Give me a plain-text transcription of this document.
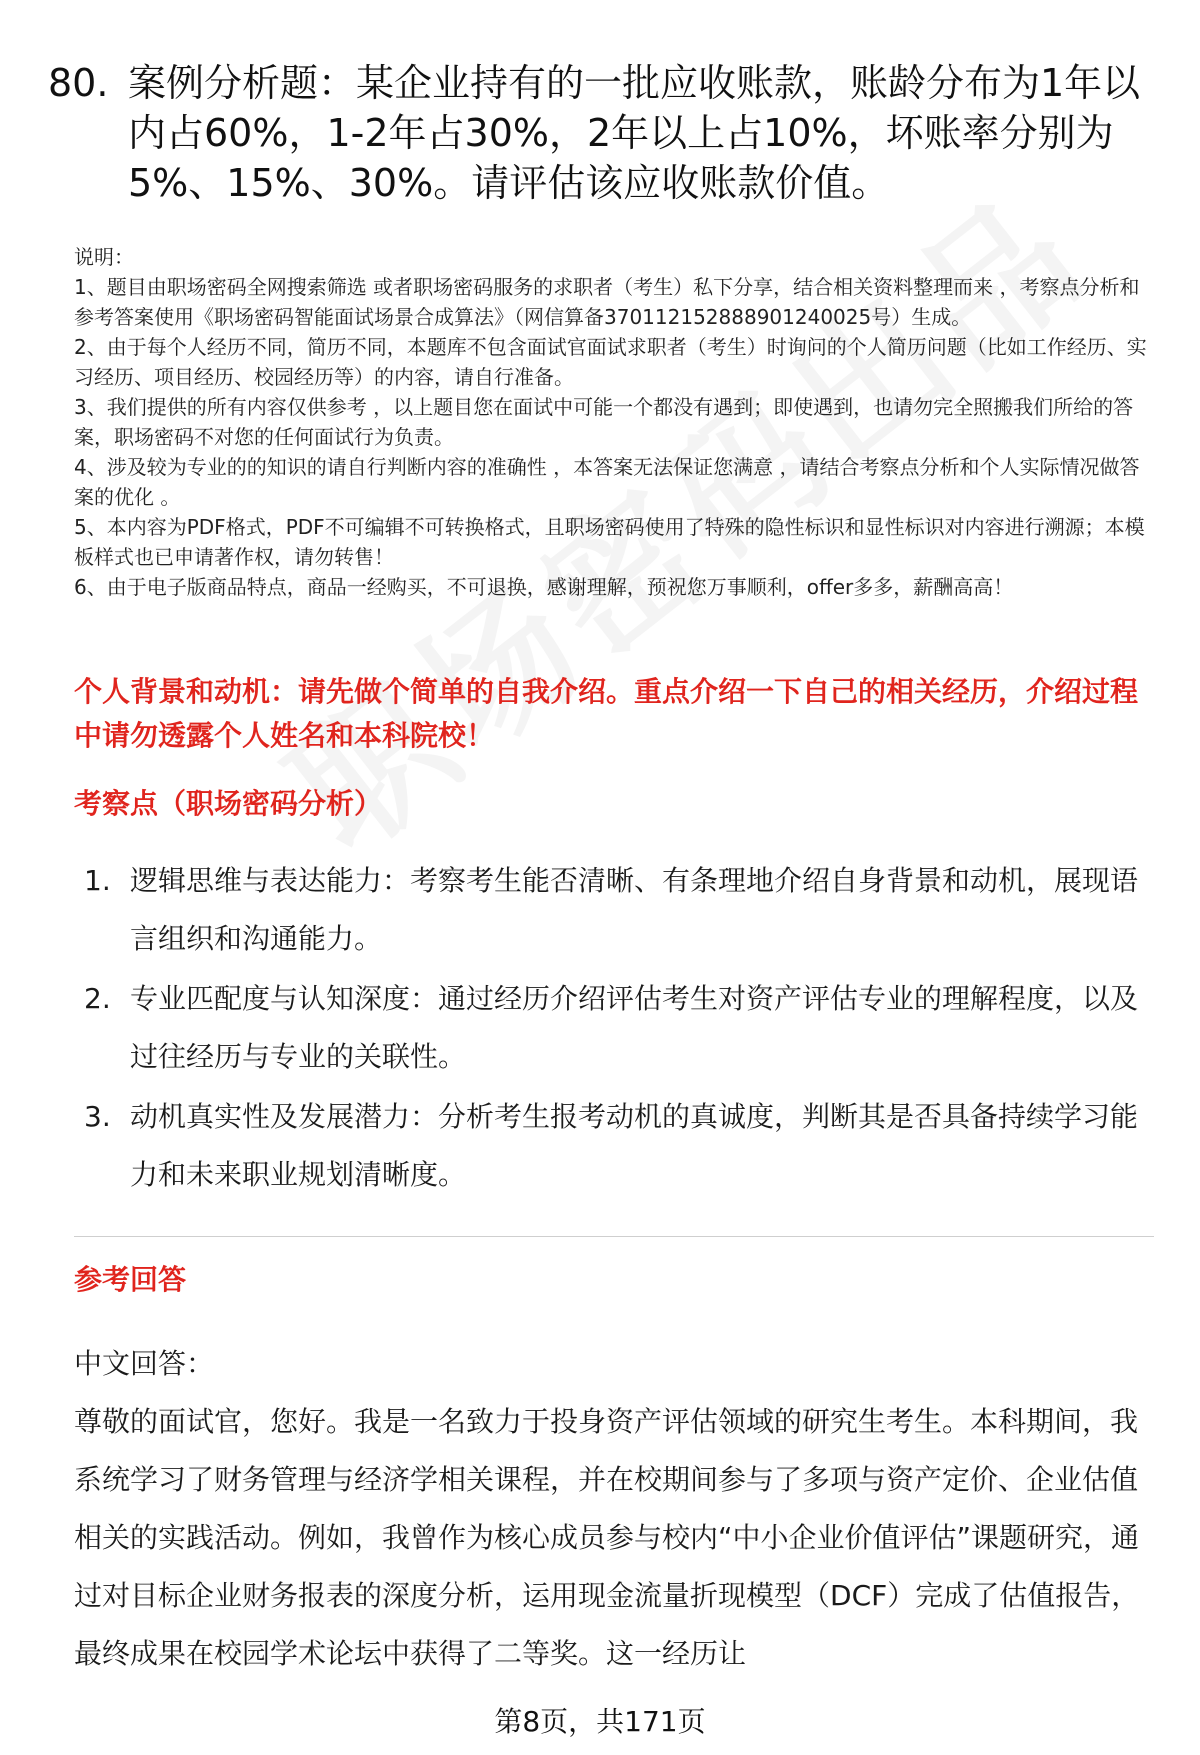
80. 案例分析题：某企业持有的一批应收账款，账龄分布为1年以内占60%，1-2年占30%，2年以上占10%，坏账率分别为5%、15%、30%。请评估该应收账款价值。

说明：

1、题目由职场密码全网搜索筛选 或者职场密码服务的求职者（考生）私下分享，结合相关资料整理而来 ，考察点分析和参考答案使用《职场密码智能面试场景合成算法》（网信算备370112152888901240025号）生成。

2、由于每个人经历不同，简历不同，本题库不包含面试官面试求职者（考生）时询问的个人简历问题（比如工作经历、实习经历、项目经历、校园经历等）的内容，请自行准备。

3、我们提供的所有内容仅供参考 ，以上题目您在面试中可能一个都没有遇到；即使遇到，也请勿完全照搬我们所给的答案，职场密码不对您的任何面试行为负责。

4、涉及较为专业的的知识的请自行判断内容的准确性 ，本答案无法保证您满意 ，请结合考察点分析和个人实际情况做答案的优化 。

5、本内容为PDF格式，PDF不可编辑不可转换格式，且职场密码使用了特殊的隐性标识和显性标识对内容进行溯源；本模板样式也已申请著作权，请勿转售！

6、由于电子版商品特点，商品一经购买，不可退换，感谢理解，预祝您万事顺利，offer多多，薪酬高高！

个人背景和动机：请先做个简单的自我介绍。重点介绍一下自己的相关经历，介绍过程中请勿透露个人姓名和本科院校！
考察点（职场密码分析）
1. 逻辑思维与表达能力：考察考生能否清晰、有条理地介绍自身背景和动机，展现语言组织和沟通能力。
2. 专业匹配度与认知深度：通过经历介绍评估考生对资产评估专业的理解程度，以及过往经历与专业的关联性。
3. 动机真实性及发展潜力：分析考生报考动机的真诚度，判断其是否具备持续学习能力和未来职业规划清晰度。
参考回答

中文回答：

尊敬的面试官，您好。我是一名致力于投身资产评估领域的研究生考生。本科期间，我系统学习了财务管理与经济学相关课程，并在校期间参与了多项与资产定价、企业估值相关的实践活动。例如，我曾作为核心成员参与校内“中小企业价值评估”课题研究，通过对目标企业财务报表的深度分析，运用现金流量折现模型（DCF）完成了估值报告，最终成果在校园学术论坛中获得了二等奖。这一经历让

第8页，共171页
